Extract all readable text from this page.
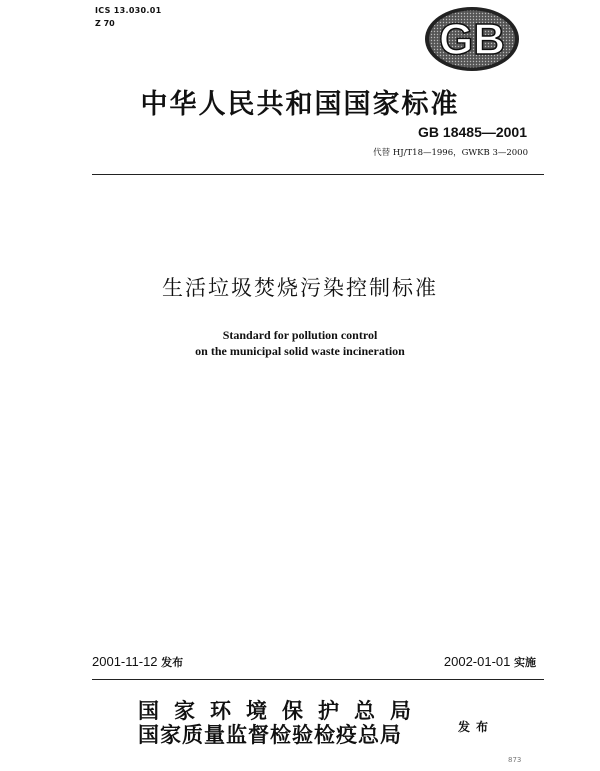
ICS 13.030.01
Z 70	GB
中华人民共和国国家标准
GB 18485—2001
代替 HJ/T18—1996，GWKB 3—2000
生活垃圾焚烧污染控制标准
Standard for pollution control
on the municipal solid waste incineration
2001-11-12 发布	2002-01-01 实施
国家环境保护总局
国家质量监督检验检疫总局	发布
873
